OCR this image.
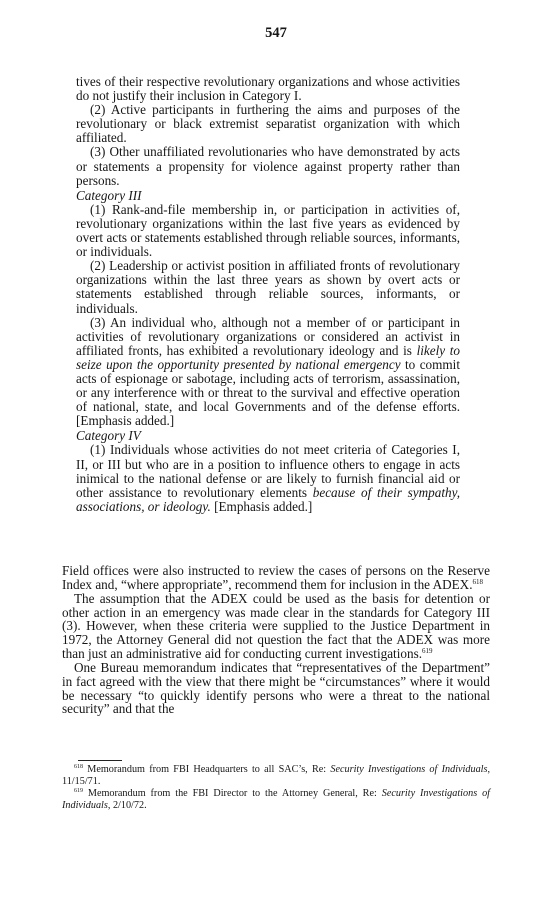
547

tives of their respective revolutionary organizations and whose activities do not justify their inclusion in Category I.

(2) Active participants in furthering the aims and purposes of the revolutionary or black extremist separatist organization with which affiliated.

(3) Other unaffiliated revolutionaries who have demonstrated by acts or statements a propensity for violence against property rather than persons.

Category III

(1) Rank-and-file membership in, or participation in activities of, revolutionary organizations within the last five years as evidenced by overt acts or statements established through reliable sources, informants, or individuals.

(2) Leadership or activist position in affiliated fronts of revolutionary organizations within the last three years as shown by overt acts or statements established through reliable sources, informants, or individuals.

(3) An individual who, although not a member of or participant in activities of revolutionary organizations or considered an activist in affiliated fronts, has exhibited a revolutionary ideology and is likely to seize upon the opportunity presented by national emergency to commit acts of espionage or sabotage, including acts of terrorism, assassination, or any interference with or threat to the survival and effective operation of national, state, and local Governments and of the defense efforts. [Emphasis added.]

Category IV

(1) Individuals whose activities do not meet criteria of Categories I, II, or III but who are in a position to influence others to engage in acts inimical to the national defense or are likely to furnish financial aid or other assistance to revolutionary elements because of their sympathy, associations, or ideology. [Emphasis added.]

Field offices were also instructed to review the cases of persons on the Reserve Index and, “where appropriate”, recommend them for inclusion in the ADEX.$^{618}$

The assumption that the ADEX could be used as the basis for detention or other action in an emergency was made clear in the standards for Category III (3). However, when these criteria were supplied to the Justice Department in 1972, the Attorney General did not question the fact that the ADEX was more than just an administrative aid for conducting current investigations.$^{619}$

One Bureau memorandum indicates that “representatives of the Department” in fact agreed with the view that there might be “circumstances” where it would be necessary “to quickly identify persons who were a threat to the national security” and that the

$^{618}$ Memorandum from FBI Headquarters to all SAC’s, Re: Security Investigations of Individuals, 11/15/71.

$^{619}$ Memorandum from the FBI Director to the Attorney General, Re: Security Investigations of Individuals, 2/10/72.
